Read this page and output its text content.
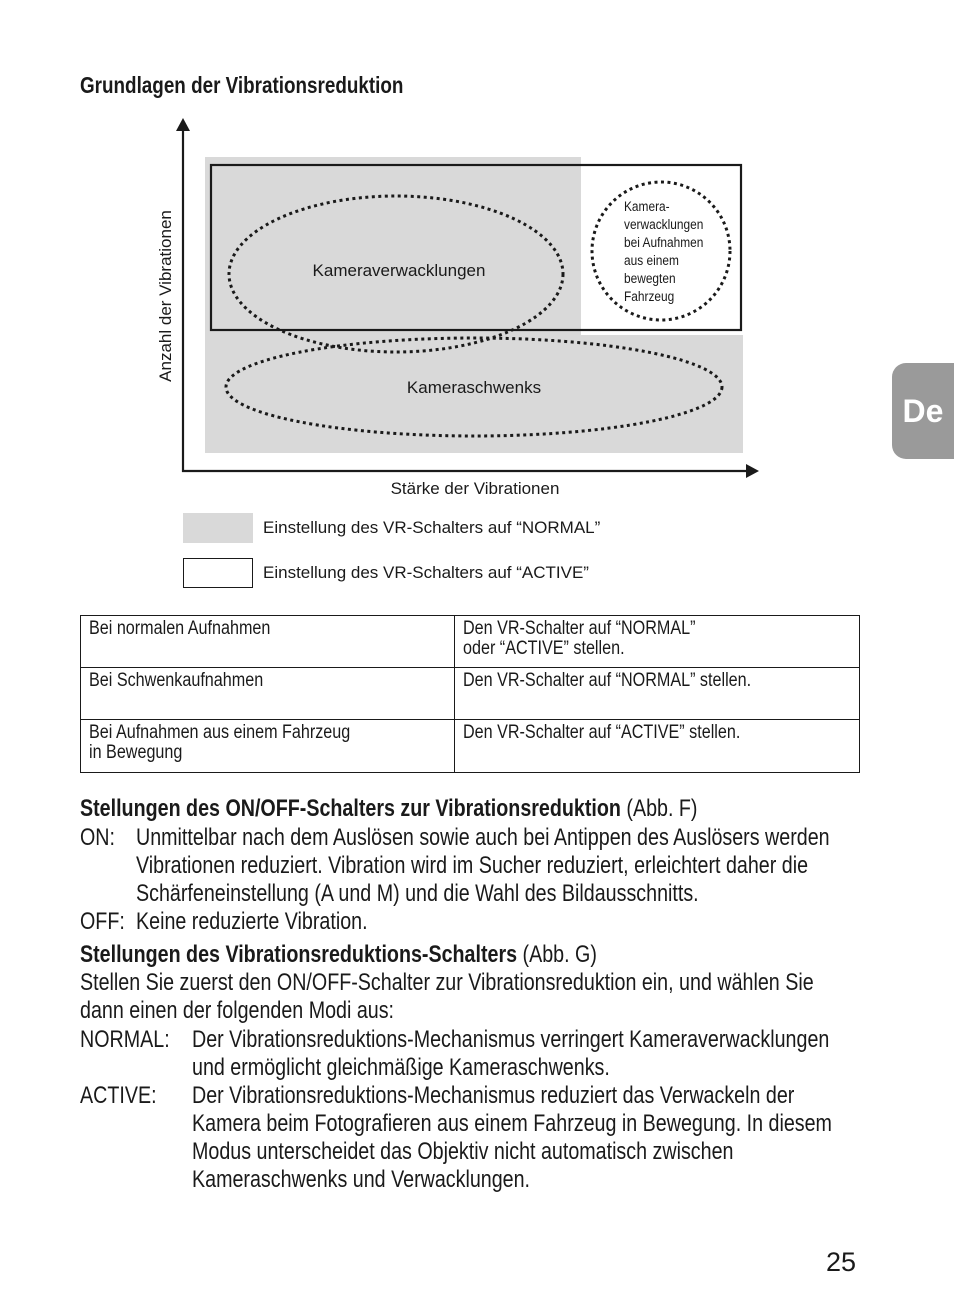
Grundlagen der Vibrationsreduktion
Anzahl der Vibrationen
Stärke der Vibrationen
Kameraverwacklungen
Kameraschwenks
Kamera-
verwacklungen
bei Aufnahmen
aus einem
bewegten
Fahrzeug
Einstellung des VR-Schalters auf “NORMAL”
Einstellung des VR-Schalters auf “ACTIVE”
Bei normalen Aufnahmen	Den VR-Schalter auf “NORMAL”
oder “ACTIVE” stellen.

Bei Schwenkaufnahmen	Den VR-Schalter auf “NORMAL” stellen.

Bei Aufnahmen aus einem Fahrzeug
in Bewegung	Den VR-Schalter auf “ACTIVE” stellen.
Stellungen des ON/OFF-Schalters zur Vibrationsreduktion (Abb. F)
ON: Unmittelbar nach dem Auslösen sowie auch bei Antippen des Auslösers werden
Vibrationen reduziert. Vibration wird im Sucher reduziert, erleichtert daher die
Schärfeneinstellung (A und M) und die Wahl des Bildausschnitts.
OFF: Keine reduzierte Vibration.
Stellungen des Vibrationsreduktions-Schalters (Abb. G)
Stellen Sie zuerst den ON/OFF-Schalter zur Vibrationsreduktion ein, und wählen Sie
dann einen der folgenden Modi aus:
NORMAL: Der Vibrationsreduktions-Mechanismus verringert Kameraverwacklungen
und ermöglicht gleichmäßige Kameraschwenks.
ACTIVE: Der Vibrationsreduktions-Mechanismus reduziert das Verwackeln der
Kamera beim Fotografieren aus einem Fahrzeug in Bewegung. In diesem
Modus unterscheidet das Objektiv nicht automatisch zwischen
Kameraschwenks und Verwacklungen.
De
25
